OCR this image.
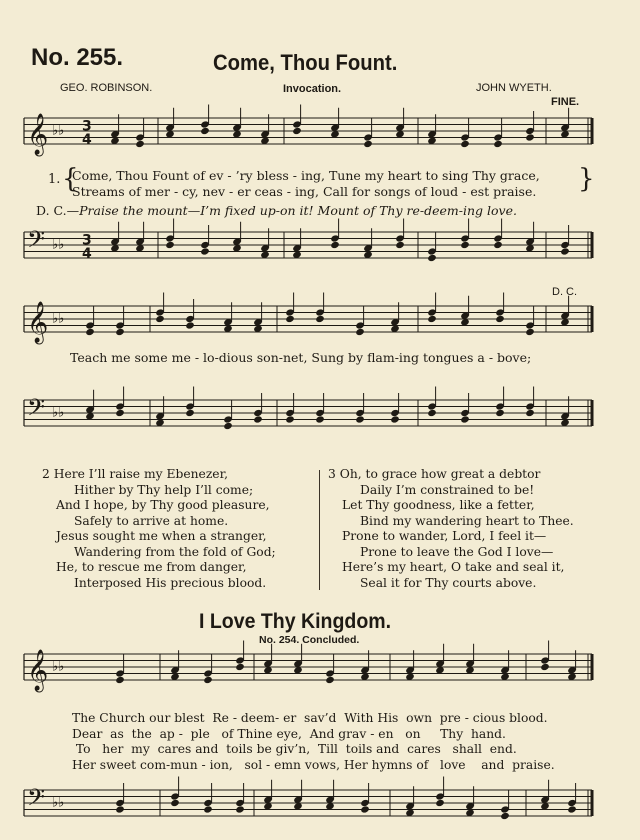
No. 255.	Come, Thou Fount.
GEO. ROBINSON.	Invocation.	JOHN WYETH.
FINE.
D. C.
𝄞 ♭♭ 3
4
𝄢 ♭♭ 3
4
𝄞 ♭♭
𝄢 ♭♭
𝄞 ♭♭
𝄢 ♭♭
1. {
Come, Thou Fount of ev - ’ry bless - ing, Tune my heart to sing Thy grace,
Streams of mer - cy, nev - er ceas - ing, Call for songs of loud - est praise. }
D. C.—Praise the mount—I’m fixed up-on it! Mount of Thy re-deem-ing love.
Teach me some me - lo-dious son-net, Sung by flam-ing tongues a - bove;
2 Here I’ll raise my Ebenezer,
Hither by Thy help I’ll come;
And I hope, by Thy good pleasure,
Safely to arrive at home.
Jesus sought me when a stranger,
Wandering from the fold of God;
He, to rescue me from danger,
Interposed His precious blood.
3 Oh, to grace how great a debtor
Daily I’m constrained to be!
Let Thy goodness, like a fetter,
Bind my wandering heart to Thee.
Prone to wander, Lord, I feel it—
Prone to leave the God I love—
Here’s my heart, O take and seal it,
Seal it for Thy courts above.
I Love Thy Kingdom.
No. 254. Concluded.
The Church our blest  Re - deem- er  sav’d  With His  own  pre - cious blood.
Dear  as  the  ap -  ple   of Thine eye,  And grav - en   on     Thy  hand.
To   her  my  cares and  toils be giv’n,  Till  toils and  cares   shall  end.
Her sweet com-mun - ion,   sol - emn vows, Her hymns of   love    and  praise.
